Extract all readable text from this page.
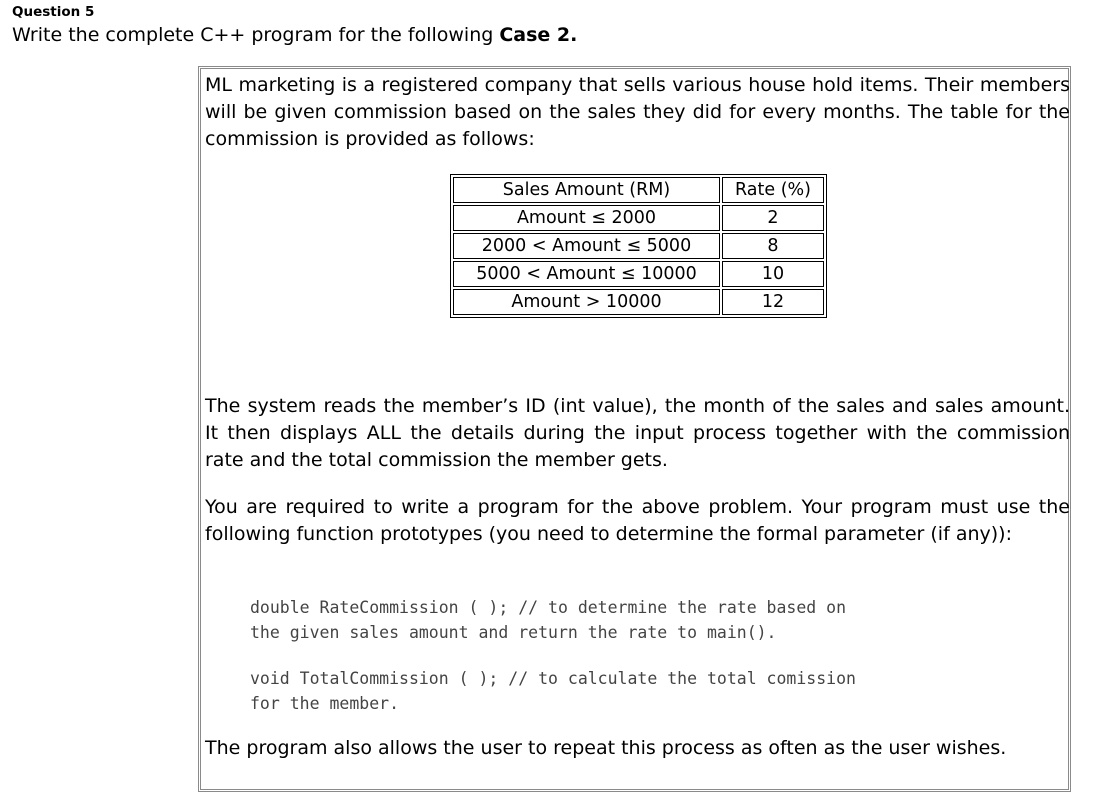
Question 5
Write the complete C++ program for the following Case 2.

ML marketing is a registered company that sells various house hold items. Their members will be given commission based on the sales they did for every months. The table for the commission is provided as follows:

Sales Amount (RM)	Rate (%)
Amount ≤ 2000	2
2000 < Amount ≤ 5000	8
5000 < Amount ≤ 10000	10
Amount > 10000	12

The system reads the member’s ID (int value), the month of the sales and sales amount. It then displays ALL the details during the input process together with the commission rate and the total commission the member gets.

You are required to write a program for the above problem. Your program must use the following function prototypes (you need to determine the formal parameter (if any)):

double RateCommission ( ); // to determine the rate based on
the given sales amount and return the rate to main().
void TotalCommission ( ); // to calculate the total comission
for the member.

The program also allows the user to repeat this process as often as the user wishes.
